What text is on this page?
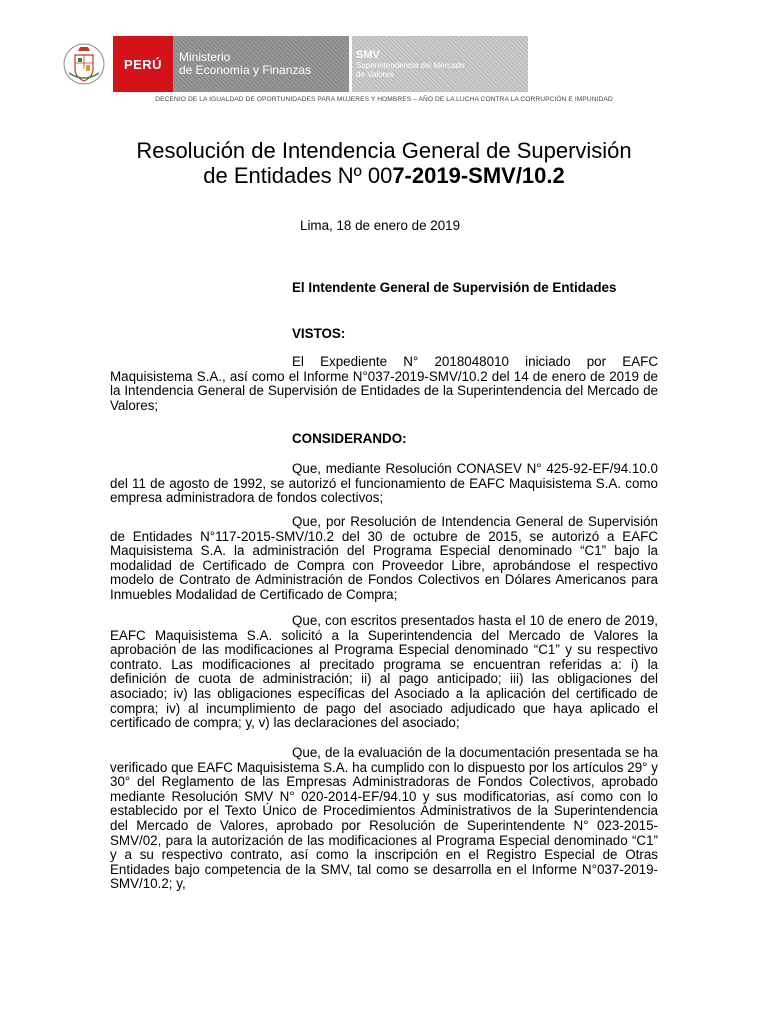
PERÚ	Ministerio
de Economía y Finanzas
SMV
Superintendencia del Mercado
de Valores
DECENIO DE LA IGUALDAD DE OPORTUNIDADES PARA MUJERES Y HOMBRES – AÑO DE LA LUCHA CONTRA LA CORRUPCIÓN E IMPUNIDAD
Resolución de Intendencia General de Supervisión
de Entidades Nº 007-2019-SMV/10.2
Lima, 18 de enero de 2019
El Intendente General de Supervisión de Entidades
VISTOS:
El Expediente N° 2018048010 iniciado por EAFC Maquisistema S.A., así como el Informe N°037-2019-SMV/10.2 del 14 de enero de 2019 de la Intendencia General de Supervisión de Entidades de la Superintendencia del Mercado de Valores;
CONSIDERANDO:
Que, mediante Resolución CONASEV N° 425-92-EF/94.10.0 del 11 de agosto de 1992, se autorizó el funcionamiento de EAFC Maquisistema S.A. como empresa administradora de fondos colectivos;
Que, por Resolución de Intendencia General de Supervisión de Entidades N°117-2015-SMV/10.2 del 30 de octubre de 2015, se autorizó a EAFC Maquisistema S.A. la administración del Programa Especial denominado “C1” bajo la modalidad de Certificado de Compra con Proveedor Libre, aprobándose el respectivo modelo de Contrato de Administración de Fondos Colectivos en Dólares Americanos para Inmuebles Modalidad de Certificado de Compra;
Que, con escritos presentados hasta el 10 de enero de 2019, EAFC Maquisistema S.A. solicitó a la Superintendencia del Mercado de Valores la aprobación de las modificaciones al Programa Especial denominado “C1” y su respectivo contrato. Las modificaciones al precitado programa se encuentran referidas a: i) la definición de cuota de administración; ii) al pago anticipado; iii) las obligaciones del asociado; iv) las obligaciones específicas del Asociado a la aplicación del certificado de compra; iv) al incumplimiento de pago del asociado adjudicado que haya aplicado el certificado de compra; y, v) las declaraciones del asociado;
Que, de la evaluación de la documentación presentada se ha verificado que EAFC Maquisistema S.A. ha cumplido con lo dispuesto por los artículos 29° y 30° del Reglamento de las Empresas Administradoras de Fondos Colectivos, aprobado mediante Resolución SMV N° 020-2014-EF/94.10 y sus modificatorias, así como con lo establecido por el Texto Único de Procedimientos Administrativos de la Superintendencia del Mercado de Valores, aprobado por Resolución de Superintendente N° 023-2015-SMV/02, para la autorización de las modificaciones al Programa Especial denominado “C1” y a su respectivo contrato, así como la inscripción en el Registro Especial de Otras Entidades bajo competencia de la SMV, tal como se desarrolla en el Informe N°037-2019-SMV/10.2; y,
